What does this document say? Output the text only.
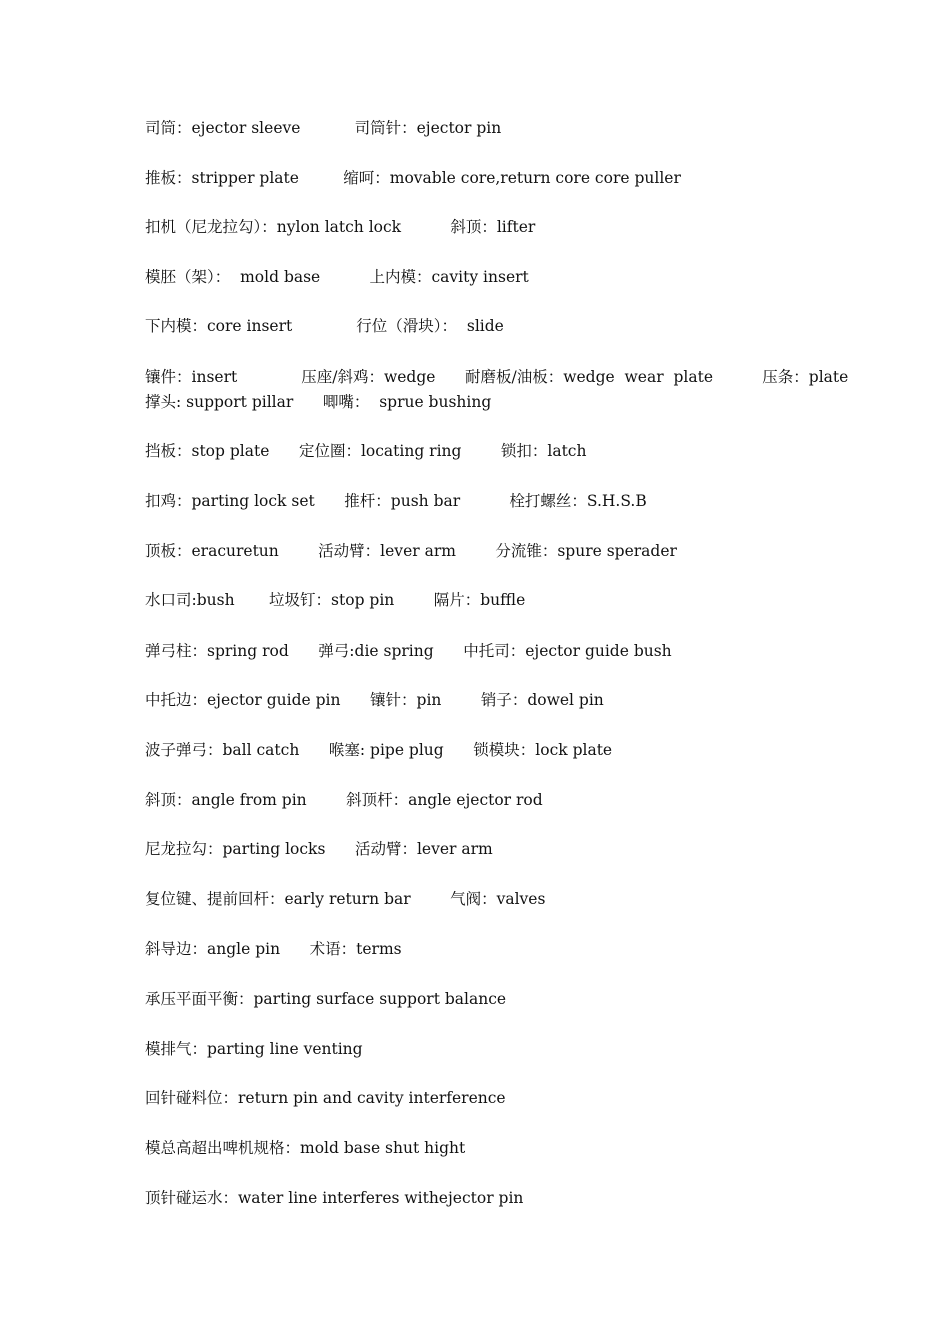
司筒：ejector sleeve           司筒针：ejector pin
推板：stripper plate         缩呵：movable core,return core core puller
扣机（尼龙拉勾）：nylon latch lock          斜顶：lifter
模胚（架）：  mold base          上内模：cavity insert
下内模：core insert             行位（滑块）：  slide
镶件：insert             压座/斜鸡：wedge      耐磨板/油板：wedge  wear  plate          压条：plate
撑头: support pillar      唧嘴：  sprue bushing
挡板：stop plate      定位圈：locating ring        锁扣：latch
扣鸡：parting lock set      推杆：push bar          栓打螺丝：S.H.S.B
顶板：eracuretun        活动臂：lever arm        分流锥：spure sperader
水口司:bush       垃圾钉：stop pin        隔片：buffle
弹弓柱：spring rod      弹弓:die spring      中托司：ejector guide bush
中托边：ejector guide pin      镶针：pin        销子：dowel pin
波子弹弓：ball catch      喉塞: pipe plug      锁模块：lock plate
斜顶：angle from pin        斜顶杆：angle ejector rod
尼龙拉勾：parting locks      活动臂：lever arm
复位键、提前回杆：early return bar        气阀：valves
斜导边：angle pin      术语：terms
承压平面平衡：parting surface support balance
模排气：parting line venting
回针碰料位：return pin and cavity interference
模总高超出啤机规格：mold base shut hight
顶针碰运水：water line interferes withejector pin
